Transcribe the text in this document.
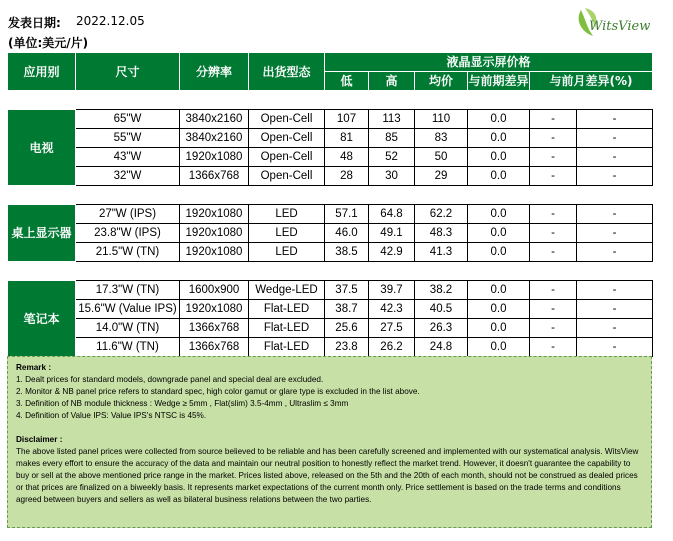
发表日期: 2022.12.05
(单位:美元/片)
WitsView
应用别	尺寸	分辨率	出货型态	液晶显示屏价格					
				低	高	均价	与前期差异	与前月差异(%)	

电视	65"W	3840x2160	Open-Cell	107	113	110	0.0	-	-
	55"W	3840x2160	Open-Cell	81	85	83	0.0	-	-
	43"W	1920x1080	Open-Cell	48	52	50	0.0	-	-
	32"W	1366x768	Open-Cell	28	30	29	0.0	-	-

桌上显示器	27"W (IPS)	1920x1080	LED	57.1	64.8	62.2	0.0	-	-
	23.8"W (IPS)	1920x1080	LED	46.0	49.1	48.3	0.0	-	-
	21.5"W (TN)	1920x1080	LED	38.5	42.9	41.3	0.0	-	-

笔记本	17.3"W (TN)	1600x900	Wedge-LED	37.5	39.7	38.2	0.0	-	-
	15.6"W (Value IPS)	1920x1080	Flat-LED	38.7	42.3	40.5	0.0	-	-
	14.0"W (TN)	1366x768	Flat-LED	25.6	27.5	26.3	0.0	-	-
	11.6"W (TN)	1366x768	Flat-LED	23.8	26.2	24.8	0.0	-	-

Remark :

1. Dealt prices for standard models, downgrade panel and special deal are excluded.

2. Monitor & NB panel price refers to standard spec, high color gamut or glare type is excluded in the list above.

3. Definition of NB module thickness : Wedge ≥ 5mm , Flat(slim) 3.5-4mm , Ultraslim ≤ 3mm

4. Definition of Value IPS: Value IPS's NTSC is 45%.

Disclaimer :

The above listed panel prices were collected from source believed to be reliable and has been carefully screened and implemented with our systematical analysis. WitsView makes every effort to ensure the accuracy of the data and maintain our neutral position to honestly reflect the market trend. However, it doesn't guarantee the capability to buy or sell at the above mentioned price range in the market. Prices listed above, released on the 5th and the 20th of each month, should not be construed as dealed prices or that prices are finalized on a biweekly basis. It represents market expectations of the current month only. Price settlement is based on the trade terms and conditions agreed between buyers and sellers as well as bilateral business relations between the two parties.
